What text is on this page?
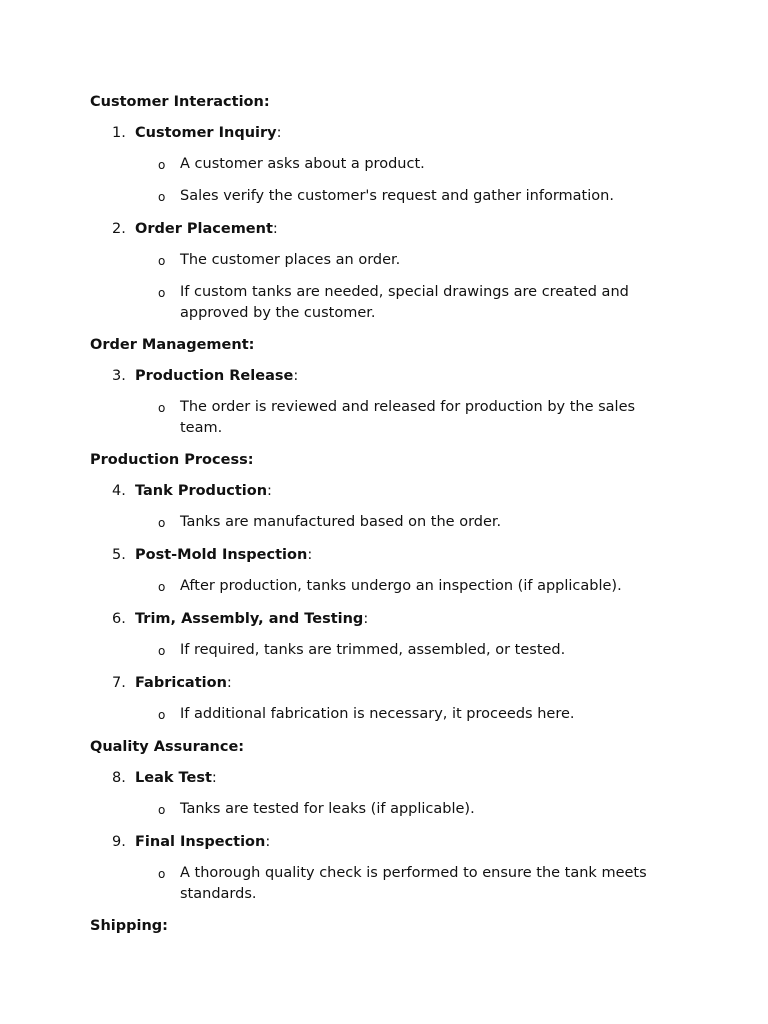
Customer Interaction:
1. Customer Inquiry:
o	A customer asks about a product.
o	Sales verify the customer's request and gather information.
2. Order Placement:
o	The customer places an order.
o	If custom tanks are needed, special drawings are created and approved by the customer.
Order Management:
3. Production Release:
o	The order is reviewed and released for production by the sales team.
Production Process:
4. Tank Production:
o	Tanks are manufactured based on the order.
5. Post-Mold Inspection:
o	After production, tanks undergo an inspection (if applicable).
6. Trim, Assembly, and Testing:
o	If required, tanks are trimmed, assembled, or tested.
7. Fabrication:
o	If additional fabrication is necessary, it proceeds here.
Quality Assurance:
8. Leak Test:
o	Tanks are tested for leaks (if applicable).
9. Final Inspection:
o	A thorough quality check is performed to ensure the tank meets standards.
Shipping:
